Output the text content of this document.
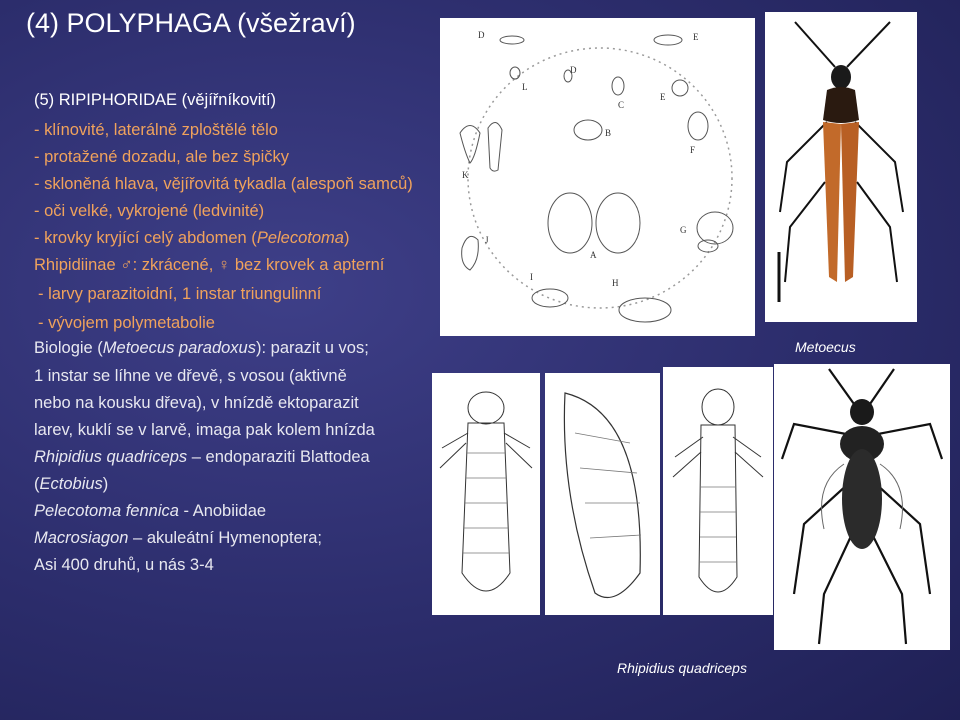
(4) POLYPHAGA (všežraví)
(5) RIPIPHORIDAE (vějířníkovití)
- klínovité, laterálně zploštělé tělo
- protažené dozadu, ale bez špičky
- skloněná hlava, vějířovitá tykadla (alespoň samců)
- oči velké, vykrojené (ledvinité)
- krovky kryjící celý abdomen (Pelecotoma)
Rhipidiinae ♂: zkrácené, ♀ bez krovek a apterní
- larvy parazitoidní, 1 instar triungulinní
- vývojem polymetabolie
Biologie (Metoecus paradoxus): parazit u vos;
1 instar se líhne ve dřevě, s vosou (aktivně
nebo na kousku dřeva), v hnízdě ektoparazit
larev, kuklí se v larvě, imaga pak kolem hnízda
Rhipidius quadriceps – endoparaziti Blattodea
(Ectobius)
Pelecotoma fennica - Anobiidae
Macrosiagon – akuleátní Hymenoptera;
Asi 400 druhů, u nás 3-4
D	E
L
D
C
E
B
K
F
J
A
G
I
H
Metoecus
Rhipidius quadriceps
